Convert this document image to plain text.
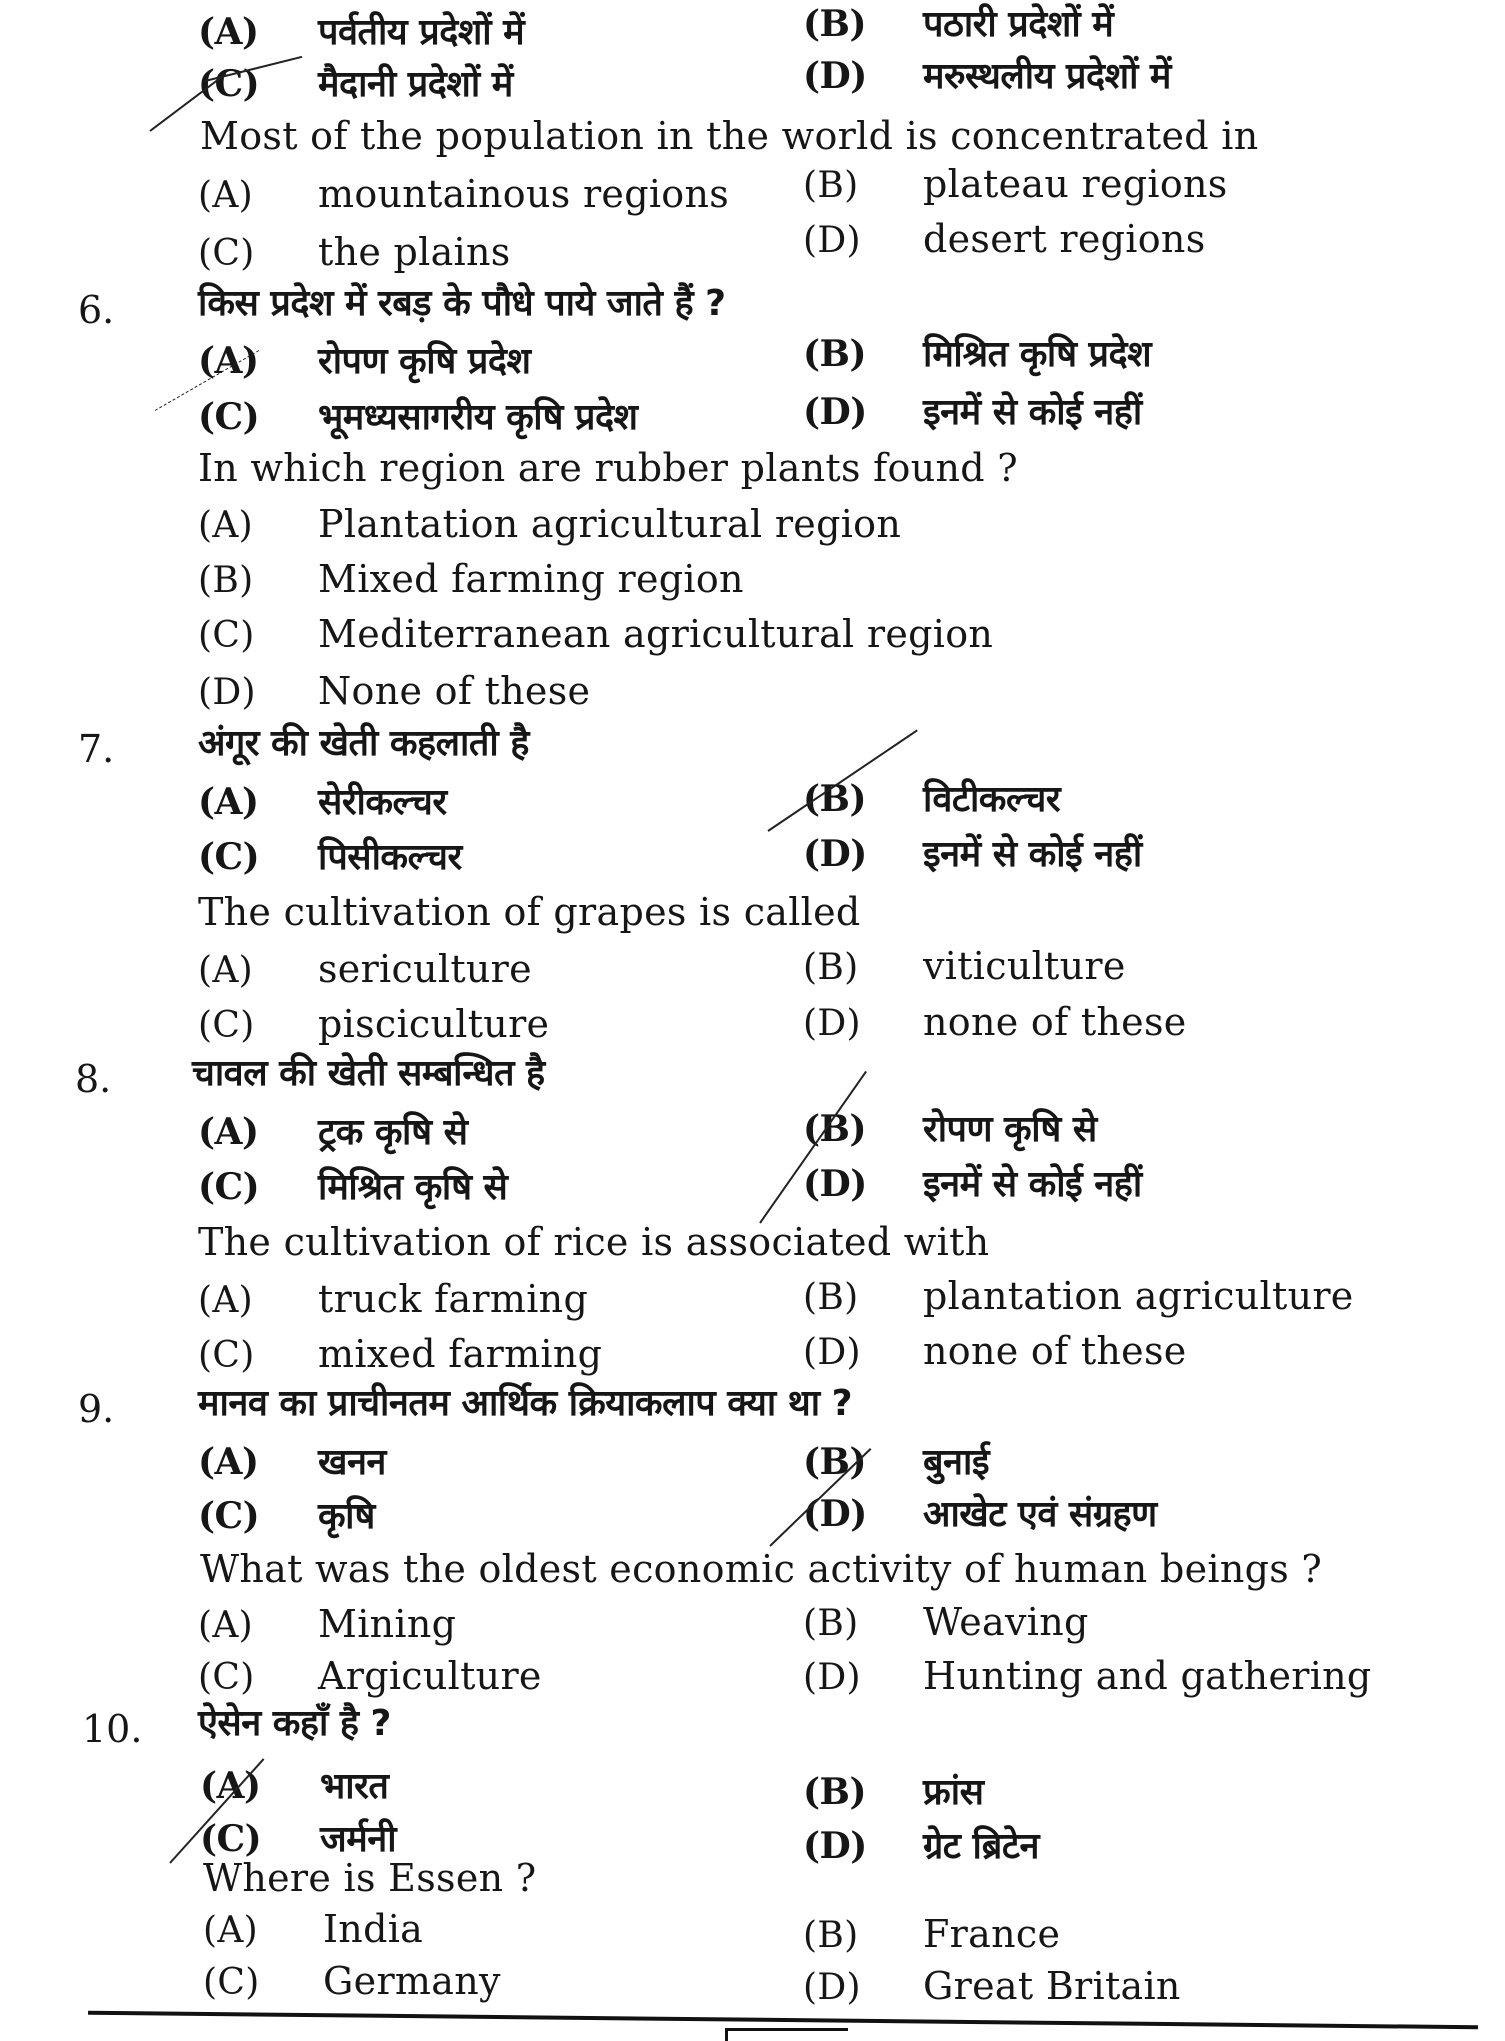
(A) पर्वतीय प्रदेशों में	(B) पठारी प्रदेशों में
(C) मैदानी प्रदेशों में	(D) मरुस्थलीय प्रदेशों में
Most of the population in the world is concentrated in
(A) mountainous regions (B) plateau regions
(C) the plains	(D) desert regions
6. किस प्रदेश में रबड़ के पौधे पाये जाते हैं ?
(A) रोपण कृषि प्रदेश	(B) मिश्रित कृषि प्रदेश
(C) भूमध्यसागरीय कृषि प्रदेश	(D) इनमें से कोई नहीं
In which region are rubber plants found ?
(A) Plantation agricultural region
(B) Mixed farming region
(C) Mediterranean agricultural region
(D) None of these
7. अंगूर की खेती कहलाती है
(A) सेरीकल्चर	(B) विटीकल्चर
(C) पिसीकल्चर	(D) इनमें से कोई नहीं
The cultivation of grapes is called
(A) sericulture	(B) viticulture
(C) pisciculture	(D) none of these
8. चावल की खेती सम्बन्धित है
(A) ट्रक कृषि से	(B) रोपण कृषि से
(C) मिश्रित कृषि से	(D) इनमें से कोई नहीं
The cultivation of rice is associated with
(A) truck farming	(B) plantation agriculture
(C) mixed farming	(D) none of these
9. मानव का प्राचीनतम आर्थिक क्रियाकलाप क्या था ?
(A) खनन	(B) बुनाई
(C) कृषि	(D) आखेट एवं संग्रहण
What was the oldest economic activity of human beings ?
(A) Mining	(B) Weaving
(C) Argiculture	(D) Hunting and gathering
10. ऐसेन कहाँ है ?
(A) भारत	(B) फ्रांस
(C) जर्मनी	(D) ग्रेट ब्रिटेन
Where is Essen ?
(A) India	(B) France
(C) Germany	(D) Great Britain
